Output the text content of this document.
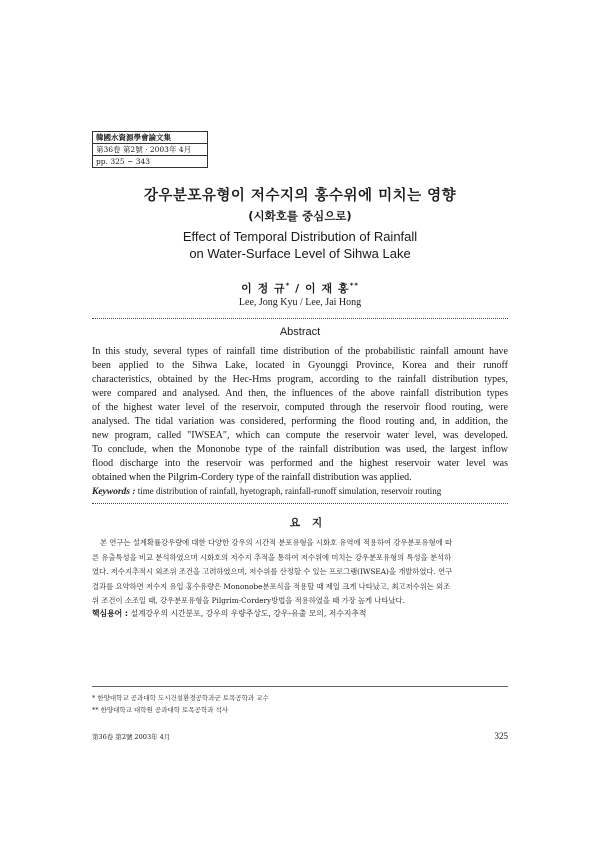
韓國水資源學會論文集
第36卷 第2號 · 2003年 4月
pp. 325 ~ 343
강우분포유형이 저수지의 홍수위에 미치는 영향
(시화호를 중심으로)
Effect of Temporal Distribution of Rainfall
on Water-Surface Level of Sihwa Lake
이 정 규* / 이 재 홍**
Lee, Jong Kyu / Lee, Jai Hong
Abstract
In this study, several types of rainfall time distribution of the probabilistic rainfall amount have
been applied to the Sihwa Lake, located in Gyounggi Province, Korea and their runoff
characteristics, obtained by the Hec-Hms program, according to the rainfall distribution types,
were compared and analysed. And then, the influences of the above rainfall distribution types
of the highest water level of the reservoir, computed through the reservoir flood routing, were
analysed. The tidal variation was considered, performing the flood routing and, in addition, the
new program, called "IWSEA", which can compute the reservoir water level, was developed.
To conclude, when the Mononobe type of the rainfall distribution was used, the largest inflow
flood discharge into the reservoir was performed and the highest reservoir water level was
obtained when the Pilgrim-Cordery type of the rainfall distribution was applied.
Keywords : time distribution of rainfall, hyetograph, rainfall-runoff simulation, reservoir routing
요지
본 연구는 설계확률강우량에 대한 다양한 강우의 시간적 분포유형을 시화호 유역에 적용하여 강우분포유형에 따
른 유출특성을 비교 분석하였으며 시화호의 저수지 추적을 통하여 저수위에 미치는 강우분포유형의 특성을 분석하
였다. 저수지추적시 외조위 조건을 고려하였으며, 저수위를 산정할 수 있는 프로그램(IWSEA)을 개발하였다. 연구
결과를 요약하면 저수지 유입 홍수유량은 Mononobe분포식을 적용할 때 제일 크게 나타났고, 최고저수위는 외조
위 조건이 소조일 때, 강우분포유형을 Pilgrim-Cordery방법을 적용하였을 때 가장 높게 나타났다.
핵심용어 : 설계강우의 시간분포, 강우의 우량주상도, 강우-유출 모의, 저수지추적
* 한양대학교 공과대학 도시건설환경공학과군 토목공학과 교수
** 한양대학교 대학원 공과대학 토목공학과 석사
第36卷 第2號 2003年 4月	325
